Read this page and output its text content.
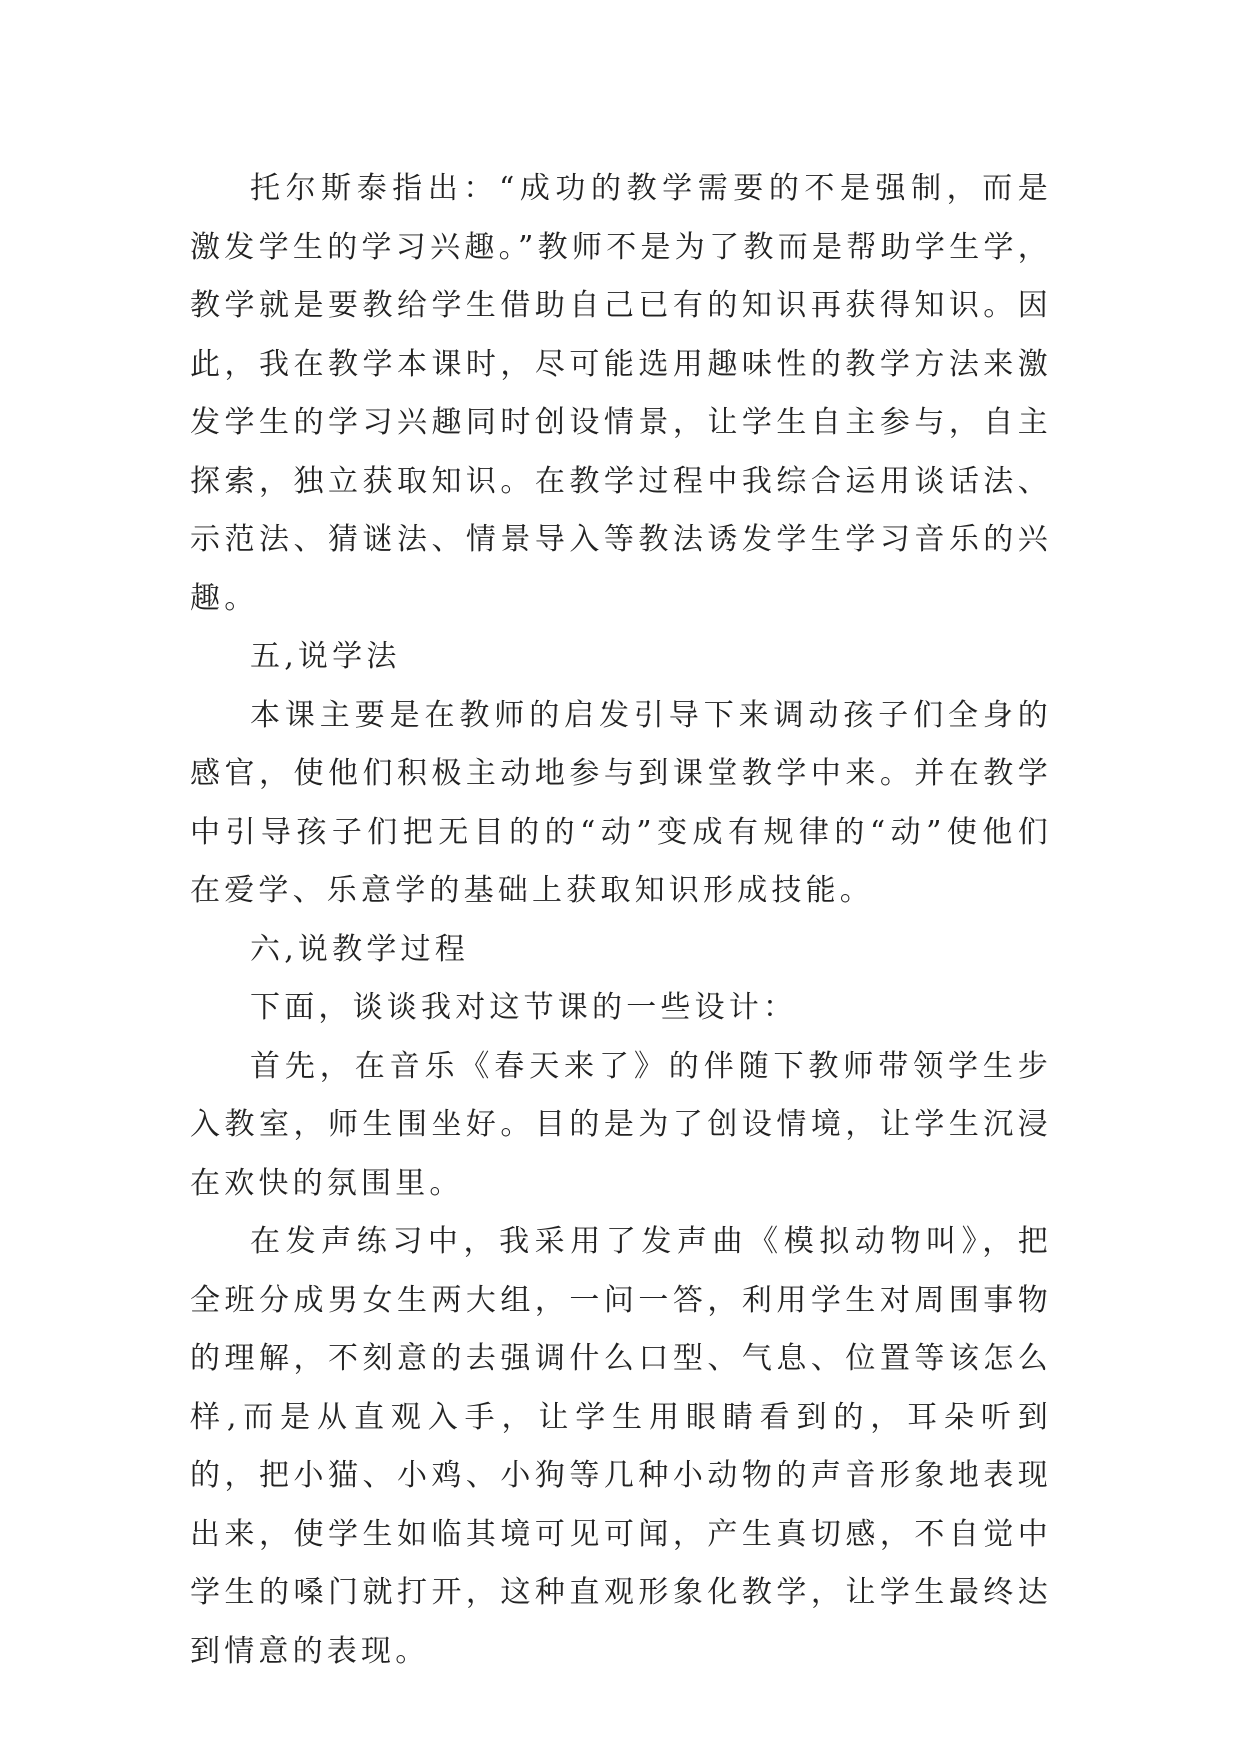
托尔斯泰指出：“成功的教学需要的不是强制，而是激发学生的学习兴趣。”教师不是为了教而是帮助学生学，教学就是要教给学生借助自己已有的知识再获得知识。因此，我在教学本课时，尽可能选用趣味性的教学方法来激发学生的学习兴趣同时创设情景，让学生自主参与，自主探索，独立获取知识。在教学过程中我综合运用谈话法、示范法、猜谜法、情景导入等教法诱发学生学习音乐的兴趣。

五,说学法

本课主要是在教师的启发引导下来调动孩子们全身的感官，使他们积极主动地参与到课堂教学中来。并在教学中引导孩子们把无目的的“动”变成有规律的“动”使他们在爱学、乐意学的基础上获取知识形成技能。

六,说教学过程

下面，谈谈我对这节课的一些设计：

首先，在音乐《春天来了》的伴随下教师带领学生步入教室，师生围坐好。目的是为了创设情境，让学生沉浸在欢快的氛围里。

在发声练习中，我采用了发声曲《模拟动物叫》，把全班分成男女生两大组，一问一答，利用学生对周围事物的理解，不刻意的去强调什么口型、气息、位置等该怎么样,而是从直观入手，让学生用眼睛看到的，耳朵听到的，把小猫、小鸡、小狗等几种小动物的声音形象地表现出来，使学生如临其境可见可闻，产生真切感，不自觉中学生的嗓门就打开，这种直观形象化教学，让学生最终达到情意的表现。
